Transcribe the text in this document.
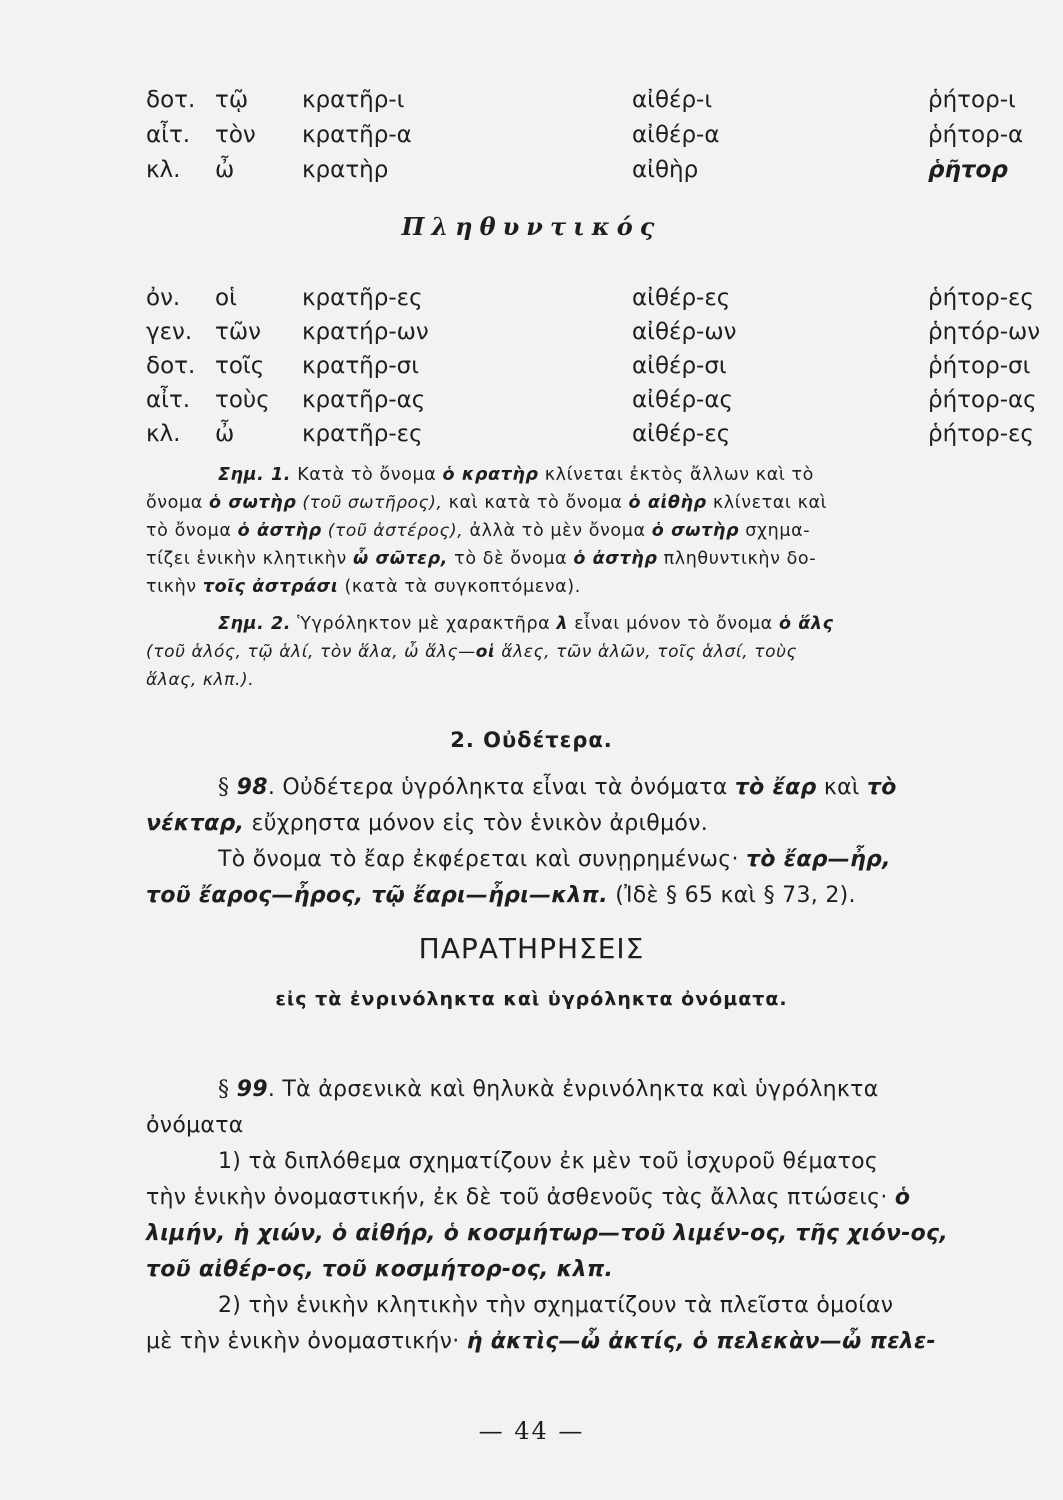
δοτ. τῷ κρατῆρ-ι	αἰθέρ-ι	ῥήτορ-ι
αἶτ. τὸν κρατῆρ-α	αἰθέρ-α	ῥήτορ-α
κλ. ὦ	κρατὴρ	αἰθὴρ	ῥῆτορ
Πληθυντικός
ὀν. οἱ	κρατῆρ-ες	αἰθέρ-ες	ῥήτορ-ες
γεν. τῶν κρατήρ-ων	αἰθέρ-ων	ῥητόρ-ων
δοτ. τοῖς κρατῆρ-σι	αἰθέρ-σι	ῥήτορ-σι
αἶτ. τοὺς κρατῆρ-ας	αἰθέρ-ας	ῥήτορ-ας
κλ. ὦ	κρατῆρ-ες	αἰθέρ-ες	ῥήτορ-ες
Σημ. 1. Κατὰ τὸ ὄνομα ὁ κρατὴρ κλίνεται ἐκτὸς ἄλλων καὶ τὸ
ὄνομα ὁ σωτὴρ (τοῦ σωτῆρος), καὶ κατὰ τὸ ὄνομα ὁ αἰθὴρ κλίνεται καὶ
τὸ ὄνομα ὁ ἀστὴρ (τοῦ ἀστέρος), ἀλλὰ τὸ μὲν ὄνομα ὁ σωτὴρ σχημα-
τίζει ἑνικὴν κλητικὴν ὦ σῶτερ, τὸ δὲ ὄνομα ὁ ἀστὴρ πληθυντικὴν δο-
τικὴν τοῖς ἀστράσι (κατὰ τὰ συγκοπτόμενα).
Σημ. 2. Ὑγρόληκτον μὲ χαρακτῆρα λ εἶναι μόνον τὸ ὄνομα ὁ ἅλς
(τοῦ ἁλός, τῷ ἁλί, τὸν ἅλα, ὦ ἅλς—οἱ ἅλες, τῶν ἁλῶν, τοῖς ἁλσί, τοὺς
ἅλας, κλπ.).
2. Οὐδέτερα.
§ 98. Οὐδέτερα ὑγρόληκτα εἶναι τὰ ὀνόματα τὸ ἔαρ καὶ τὸ
νέκταρ, εὔχρηστα μόνον εἰς τὸν ἑνικὸν ἀριθμόν.
Τὸ ὄνομα τὸ ἔαρ ἐκφέρεται καὶ συνῃρημένως· τὸ ἔαρ—ἦρ,
τοῦ ἔαρος—ἦρος, τῷ ἔαρι—ἦρι—κλπ. (Ἰδὲ § 65 καὶ § 73, 2).
ΠΑΡΑΤΗΡΗΣΕΙΣ
εἰς τὰ ἐνρινόληκτα καὶ ὑγρόληκτα ὀνόματα.
§ 99. Τὰ ἀρσενικὰ καὶ θηλυκὰ ἐνρινόληκτα καὶ ὑγρόληκτα
ὀνόματα
1) τὰ διπλόθεμα σχηματίζουν ἐκ μὲν τοῦ ἰσχυροῦ θέματος
τὴν ἑνικὴν ὀνομαστικήν, ἐκ δὲ τοῦ ἀσθενοῦς τὰς ἄλλας πτώσεις· ὁ
λιμήν, ἡ χιών, ὁ αἰθήρ, ὁ κοσμήτωρ—τοῦ λιμέν-ος, τῆς χιόν-ος,
τοῦ αἰθέρ-ος, τοῦ κοσμήτορ-ος, κλπ.
2) τὴν ἑνικὴν κλητικὴν τὴν σχηματίζουν τὰ πλεῖστα ὁμοίαν
μὲ τὴν ἑνικὴν ὀνομαστικήν· ἡ ἀκτὶς—ὦ ἀκτίς, ὁ πελεκὰν—ὦ πελε-
— 44 —
